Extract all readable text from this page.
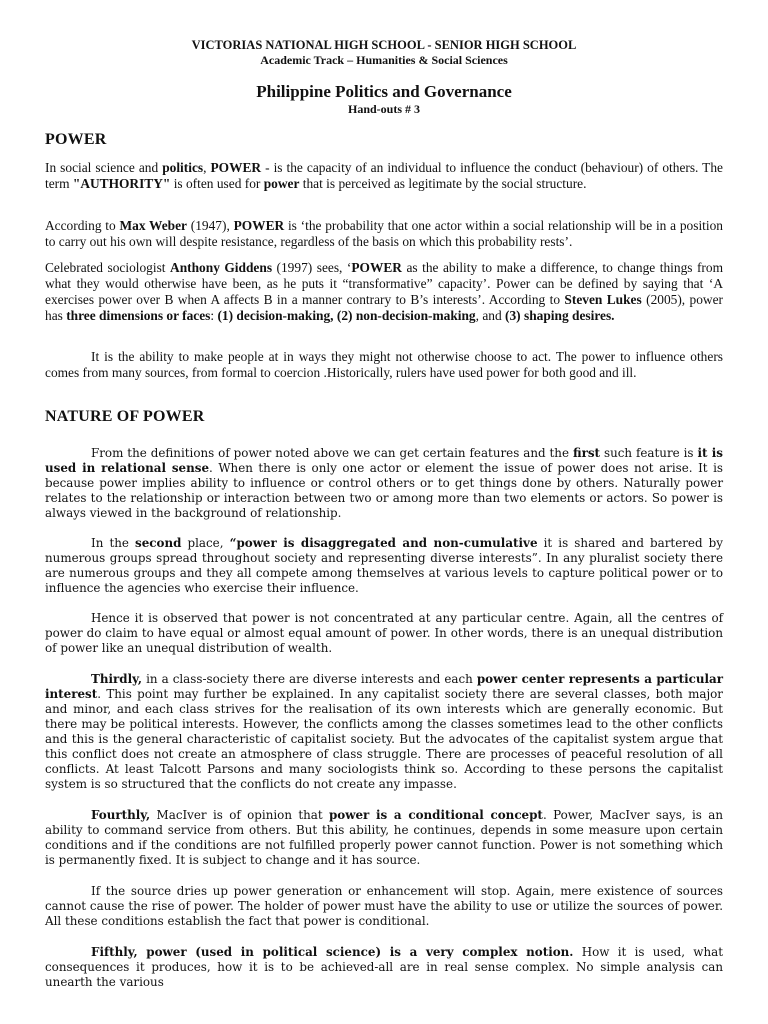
VICTORIAS NATIONAL HIGH SCHOOL - SENIOR HIGH SCHOOL
Academic Track – Humanities & Social Sciences
Philippine Politics and Governance
Hand-outs # 3
POWER

In social science and politics, POWER - is the capacity of an individual to influence the conduct (behaviour) of others. The term "AUTHORITY" is often used for power that is perceived as legitimate by the social structure.

According to Max Weber (1947), POWER is ‘the probability that one actor within a social relationship will be in a position to carry out his own will despite resistance, regardless of the basis on which this probability rests’.

Celebrated sociologist Anthony Giddens (1997) sees, ‘POWER as the ability to make a difference, to change things from what they would otherwise have been, as he puts it “transformative” capacity’. Power can be defined by saying that ‘A exercises power over B when A affects B in a manner contrary to B’s interests’. According to Steven Lukes (2005), power has three dimensions or faces: (1) decision-making, (2) non-decision-making, and (3) shaping desires.

It is the ability to make people at in ways they might not otherwise choose to act. The power to influence others comes from many sources, from formal to coercion .Historically, rulers have used power for both good and ill.

NATURE OF POWER

From the definitions of power noted above we can get certain features and the first such feature is it is used in relational sense. When there is only one actor or element the issue of power does not arise. It is because power implies ability to influence or control others or to get things done by others. Naturally power relates to the relationship or interaction between two or among more than two elements or actors. So power is always viewed in the background of relationship.

In the second place, “power is disaggregated and non-cumulative it is shared and bartered by numerous groups spread throughout society and representing diverse interests”. In any pluralist society there are numerous groups and they all compete among themselves at various levels to capture political power or to influence the agencies who exercise their influence.

Hence it is observed that power is not concentrated at any particular centre. Again, all the centres of power do claim to have equal or almost equal amount of power. In other words, there is an unequal distribution of power like an unequal distribution of wealth.

Thirdly, in a class-society there are diverse interests and each power center represents a particular interest. This point may further be explained. In any capitalist society there are several classes, both major and minor, and each class strives for the realisation of its own interests which are generally economic. But there may be political interests. However, the conflicts among the classes sometimes lead to the other conflicts and this is the general characteristic of capitalist society. But the advocates of the capitalist system argue that this conflict does not create an atmosphere of class struggle. There are processes of peaceful resolution of all conflicts. At least Talcott Parsons and many sociologists think so. According to these persons the capitalist system is so structured that the conflicts do not create any impasse.

Fourthly, MacIver is of opinion that power is a conditional concept. Power, MacIver says, is an ability to command service from others. But this ability, he continues, depends in some measure upon certain conditions and if the conditions are not fulfilled properly power cannot function. Power is not something which is permanently fixed. It is subject to change and it has source.

If the source dries up power generation or enhancement will stop. Again, mere existence of sources cannot cause the rise of power. The holder of power must have the ability to use or utilize the sources of power. All these conditions establish the fact that power is conditional.

Fifthly, power (used in political science) is a very complex notion. How it is used, what consequences it produces, how it is to be achieved-all are in real sense complex. No simple analysis can unearth the various
